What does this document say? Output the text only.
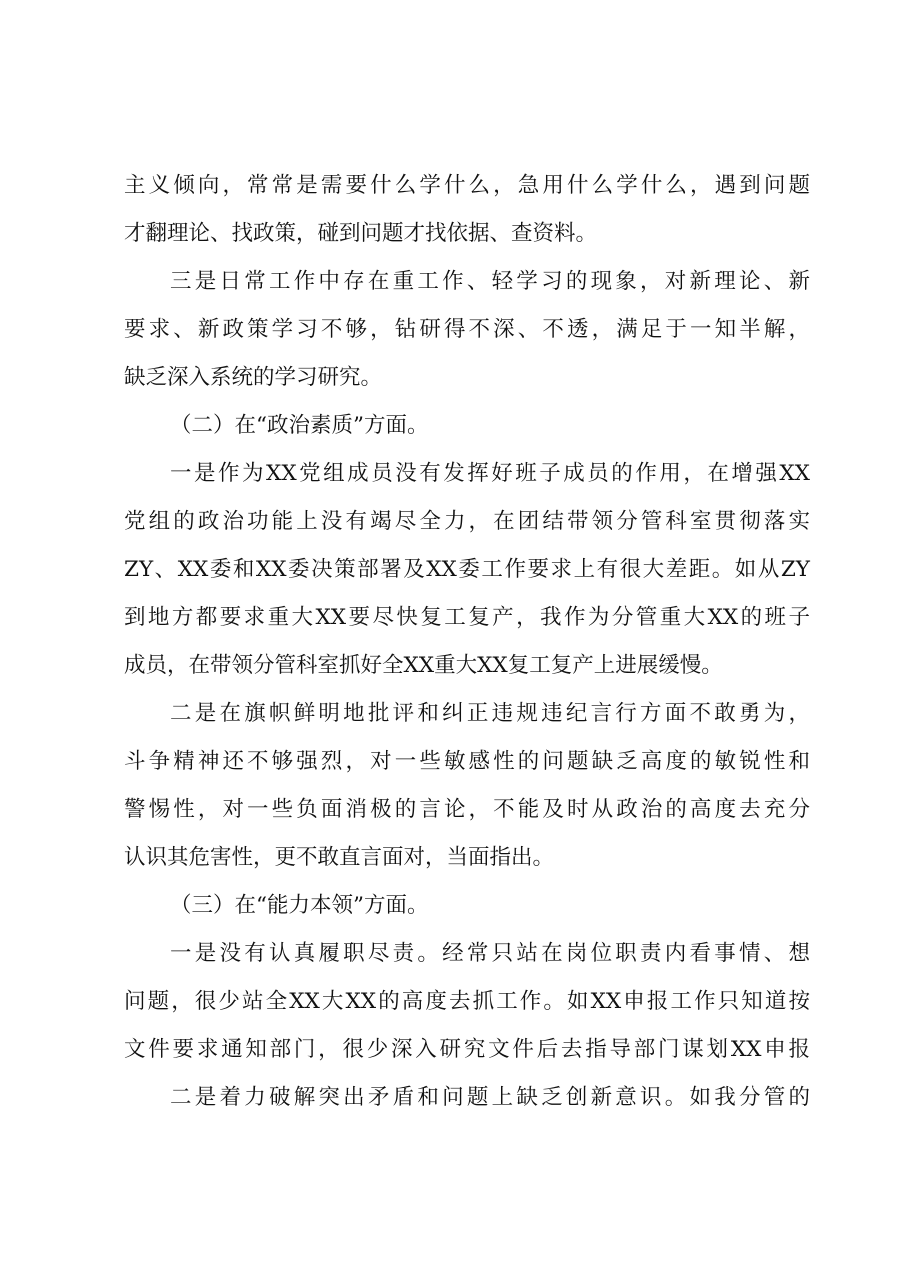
主义倾向，常常是需要什么学什么，急用什么学什么，遇到问题
才翻理论、找政策，碰到问题才找依据、查资料。
三是日常工作中存在重工作、轻学习的现象，对新理论、新
要求、新政策学习不够，钻研得不深、不透，满足于一知半解，
缺乏深入系统的学习研究。
（二）在“政治素质”方面。
一是作为XX党组成员没有发挥好班子成员的作用，在增强XX
党组的政治功能上没有竭尽全力，在团结带领分管科室贯彻落实
ZY、XX委和XX委决策部署及XX委工作要求上有很大差距。如从ZY
到地方都要求重大XX要尽快复工复产，我作为分管重大XX的班子
成员，在带领分管科室抓好全XX重大XX复工复产上进展缓慢。
二是在旗帜鲜明地批评和纠正违规违纪言行方面不敢勇为，
斗争精神还不够强烈，对一些敏感性的问题缺乏高度的敏锐性和
警惕性，对一些负面消极的言论，不能及时从政治的高度去充分
认识其危害性，更不敢直言面对，当面指出。
（三）在“能力本领”方面。
一是没有认真履职尽责。经常只站在岗位职责内看事情、想
问题，很少站全XX大XX的高度去抓工作。如XX申报工作只知道按
文件要求通知部门，很少深入研究文件后去指导部门谋划XX申报
二是着力破解突出矛盾和问题上缺乏创新意识。如我分管的
